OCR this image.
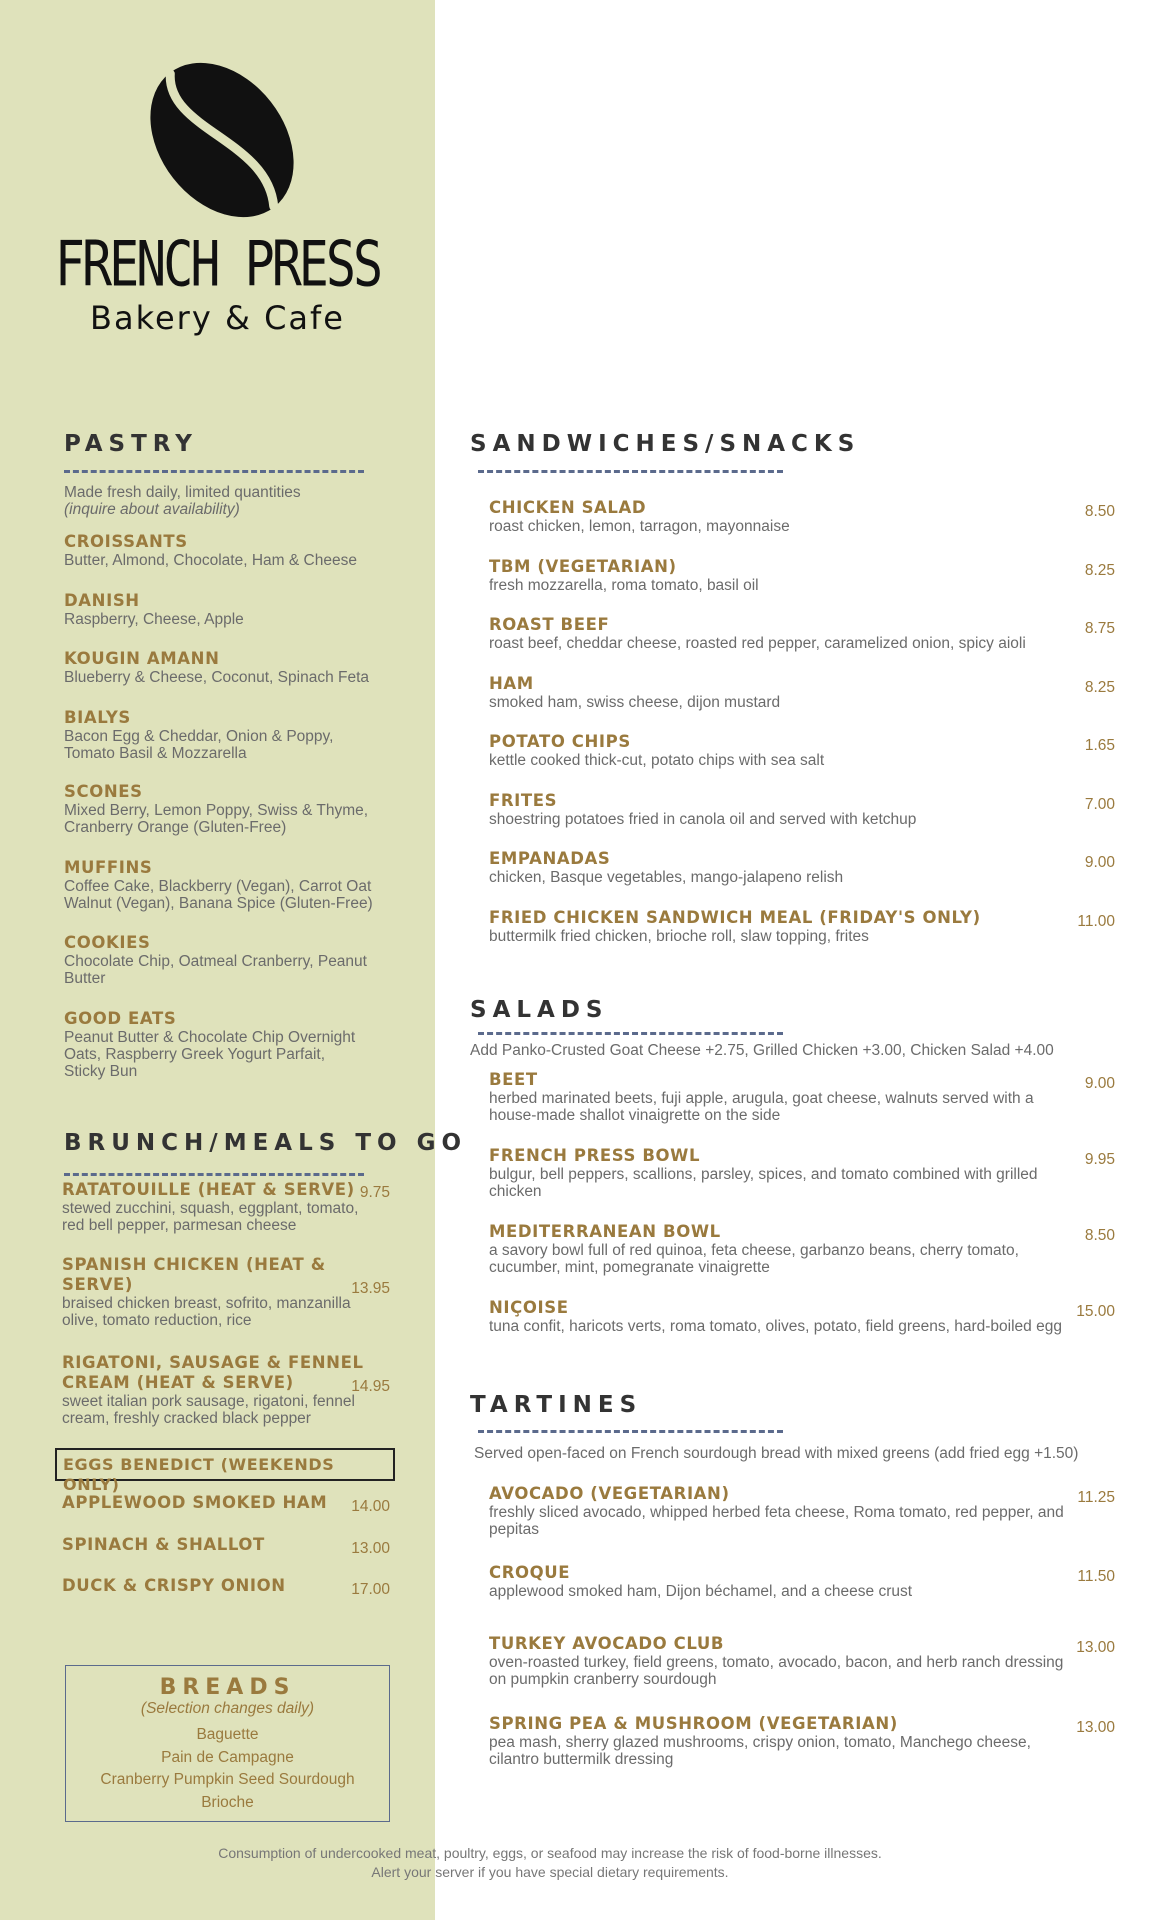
FRENCH PRESS
Bakery & Cafe
PASTRY
Made fresh daily, limited quantities
(inquire about availability)
CROISSANTS
Butter, Almond, Chocolate, Ham & Cheese
DANISH
Raspberry, Cheese, Apple
KOUGIN AMANN
Blueberry & Cheese, Coconut, Spinach Feta
BIALYS
Bacon Egg & Cheddar, Onion & Poppy,
Tomato Basil & Mozzarella
SCONES
Mixed Berry, Lemon Poppy, Swiss & Thyme,
Cranberry Orange (Gluten-Free)
MUFFINS
Coffee Cake, Blackberry (Vegan), Carrot Oat
Walnut (Vegan), Banana Spice (Gluten-Free)
COOKIES
Chocolate Chip, Oatmeal Cranberry, Peanut
Butter
GOOD EATS
Peanut Butter & Chocolate Chip Overnight
Oats, Raspberry Greek Yogurt Parfait,
Sticky Bun
BRUNCH/MEALS TO GO
RATATOUILLE (HEAT & SERVE)
stewed zucchini, squash, eggplant, tomato,
red bell pepper, parmesan cheese
9.75
SPANISH CHICKEN (HEAT &
SERVE)
braised chicken breast, sofrito, manzanilla
olive, tomato reduction, rice
13.95
RIGATONI, SAUSAGE & FENNEL
CREAM (HEAT & SERVE)
sweet italian pork sausage, rigatoni, fennel
cream, freshly cracked black pepper
14.95
EGGS BENEDICT (WEEKENDS ONLY)
APPLEWOOD SMOKED HAM	14.00
SPINACH & SHALLOT	13.00
DUCK & CRISPY ONION	17.00
BREADS
(Selection changes daily)
Baguette
Pain de Campagne
Cranberry Pumpkin Seed Sourdough
Brioche
SANDWICHES/SNACKS
CHICKEN SALAD
roast chicken, lemon, tarragon, mayonnaise
8.50
TBM (VEGETARIAN)
fresh mozzarella, roma tomato, basil oil
8.25
ROAST BEEF
roast beef, cheddar cheese, roasted red pepper, caramelized onion, spicy aioli
8.75
HAM
smoked ham, swiss cheese, dijon mustard
8.25
POTATO CHIPS
kettle cooked thick-cut, potato chips with sea salt
1.65
FRITES
shoestring potatoes fried in canola oil and served with ketchup
7.00
EMPANADAS
chicken, Basque vegetables, mango-jalapeno relish
9.00
FRIED CHICKEN SANDWICH MEAL (FRIDAY'S ONLY)
buttermilk fried chicken, brioche roll, slaw topping, frites
11.00
SALADS
Add Panko-Crusted Goat Cheese +2.75, Grilled Chicken +3.00, Chicken Salad +4.00
BEET
herbed marinated beets, fuji apple, arugula, goat cheese, walnuts served with a
house-made shallot vinaigrette on the side
9.00
FRENCH PRESS BOWL
bulgur, bell peppers, scallions, parsley, spices, and tomato combined with grilled
chicken
9.95
MEDITERRANEAN BOWL
a savory bowl full of red quinoa, feta cheese, garbanzo beans, cherry tomato,
cucumber, mint, pomegranate vinaigrette
8.50
NIÇOISE
tuna confit, haricots verts, roma tomato, olives, potato, field greens, hard-boiled egg
15.00
TARTINES
Served open-faced on French sourdough bread with mixed greens (add fried egg +1.50)
AVOCADO (VEGETARIAN)
freshly sliced avocado, whipped herbed feta cheese, Roma tomato, red pepper, and
pepitas
11.25
CROQUE
applewood smoked ham, Dijon béchamel, and a cheese crust
11.50
TURKEY AVOCADO CLUB
oven-roasted turkey, field greens, tomato, avocado, bacon, and herb ranch dressing
on pumpkin cranberry sourdough
13.00
SPRING PEA & MUSHROOM (VEGETARIAN)
pea mash, sherry glazed mushrooms, crispy onion, tomato, Manchego cheese,
cilantro buttermilk dressing
13.00
Consumption of undercooked meat, poultry, eggs, or seafood may increase the risk of food-borne illnesses.
Alert your server if you have special dietary requirements.
